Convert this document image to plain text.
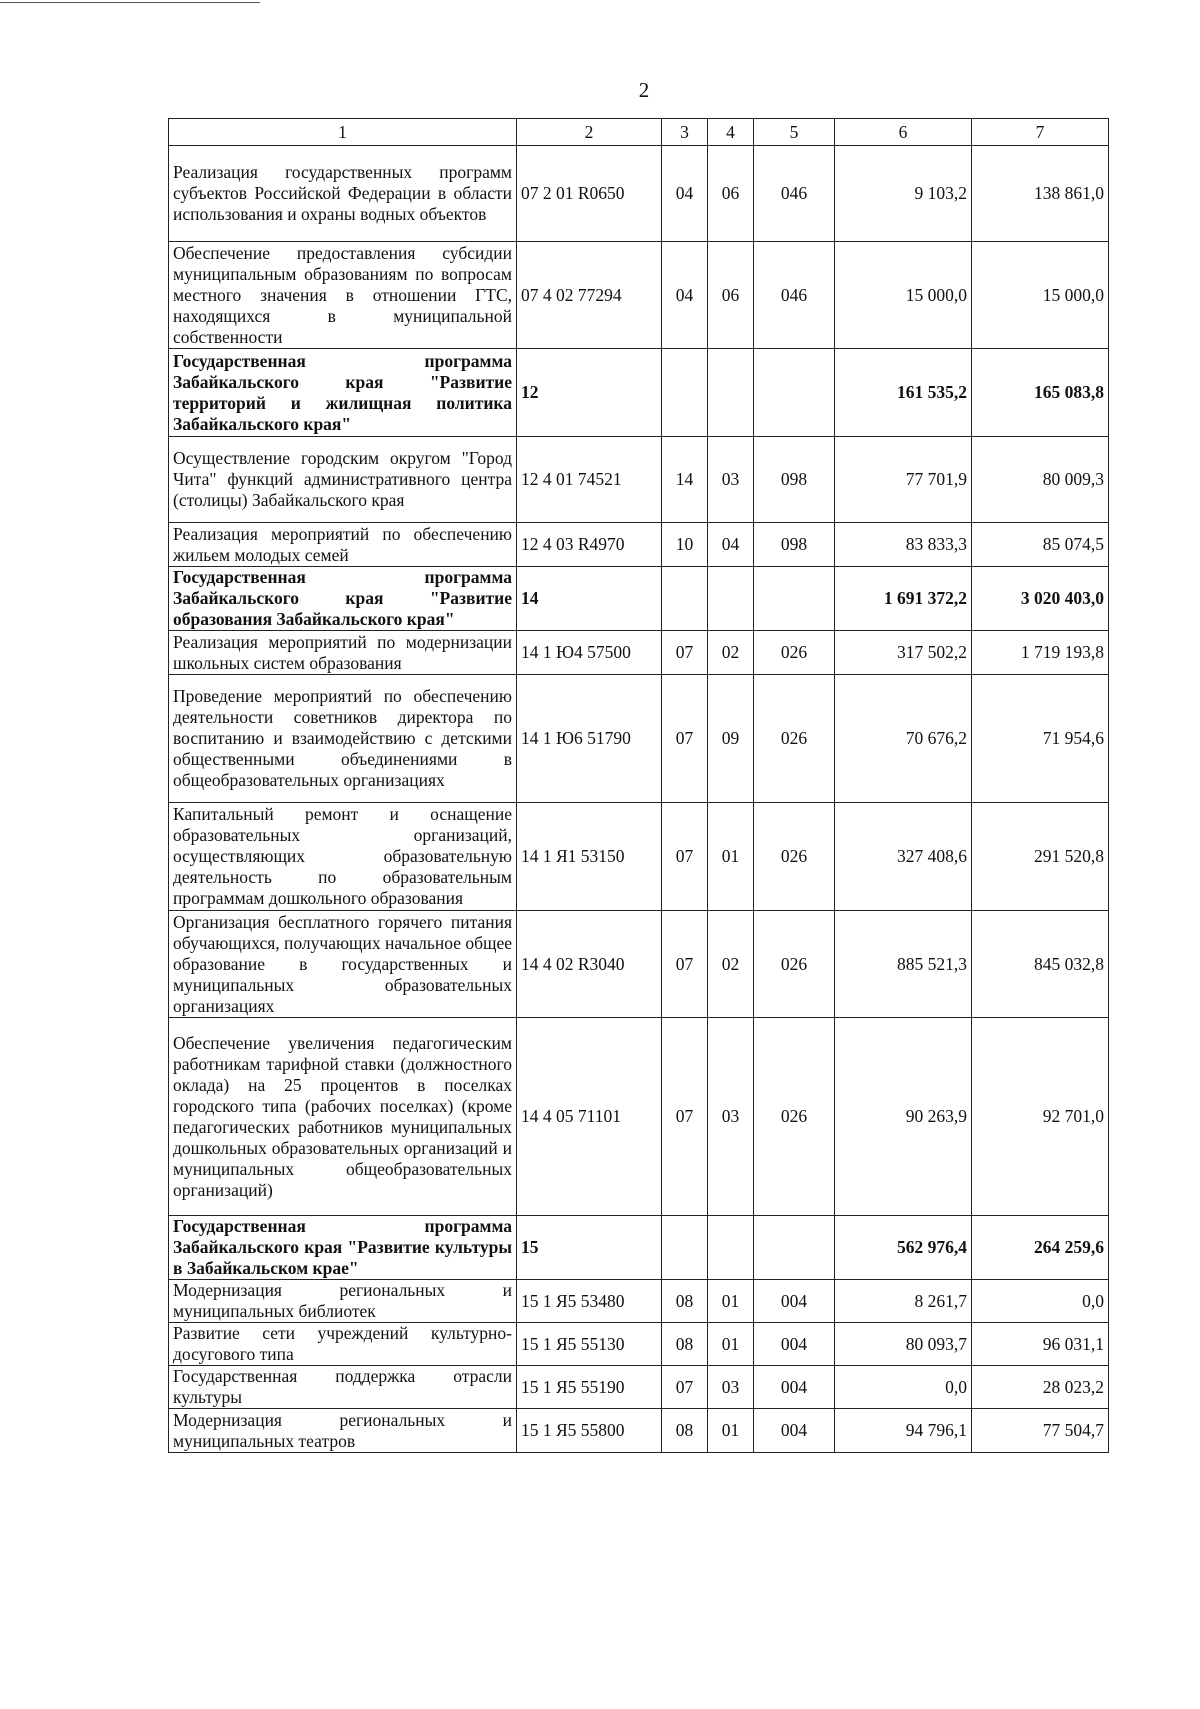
2
1	2	3	4	5	6	7
Реализация государственных программ субъектов Российской Федерации в области использования и охраны водных объектов	07 2 01 R0650	04	06	046	9 103,2	138 861,0
Обеспечение предоставления субсидии муниципальным образованиям по вопросам местного значения в отношении ГТС, находящихся в муниципальной собственности	07 4 02 77294	04	06	046	15 000,0	15 000,0
Государственная программа Забайкальского края "Развитие территорий и жилищная политика Забайкальского края"	12				161 535,2	165 083,8
Осуществление городским округом "Город Чита" функций административного центра (столицы) Забайкальского края	12 4 01 74521	14	03	098	77 701,9	80 009,3
Реализация мероприятий по обеспечению жильем молодых семей	12 4 03 R4970	10	04	098	83 833,3	85 074,5
Государственная программа Забайкальского края "Развитие образования Забайкальского края"	14				1 691 372,2	3 020 403,0
Реализация мероприятий по модернизации школьных систем образования	14 1 Ю4 57500	07	02	026	317 502,2	1 719 193,8
Проведение мероприятий по обеспечению деятельности советников директора по воспитанию и взаимодействию с детскими общественными объединениями в общеобразовательных организациях	14 1 Ю6 51790	07	09	026	70 676,2	71 954,6
Капитальный ремонт и оснащение образовательных организаций, осуществляющих образовательную деятельность по образовательным программам дошкольного образования	14 1 Я1 53150	07	01	026	327 408,6	291 520,8
Организация бесплатного горячего питания обучающихся, получающих начальное общее образование в государственных и муниципальных образовательных организациях	14 4 02 R3040	07	02	026	885 521,3	845 032,8
Обеспечение увеличения педагогическим работникам тарифной ставки (должностного оклада) на 25 процентов в поселках городского типа (рабочих поселках) (кроме педагогических работников муниципальных дошкольных образовательных организаций и муниципальных общеобразовательных организаций)	14 4 05 71101	07	03	026	90 263,9	92 701,0
Государственная программа Забайкальского края "Развитие культуры в Забайкальском крае"	15				562 976,4	264 259,6
Модернизация региональных и муниципальных библиотек	15 1 Я5 53480	08	01	004	8 261,7	0,0
Развитие сети учреждений культурно-досугового типа	15 1 Я5 55130	08	01	004	80 093,7	96 031,1
Государственная поддержка отрасли культуры	15 1 Я5 55190	07	03	004	0,0	28 023,2
Модернизация региональных и муниципальных театров	15 1 Я5 55800	08	01	004	94 796,1	77 504,7
